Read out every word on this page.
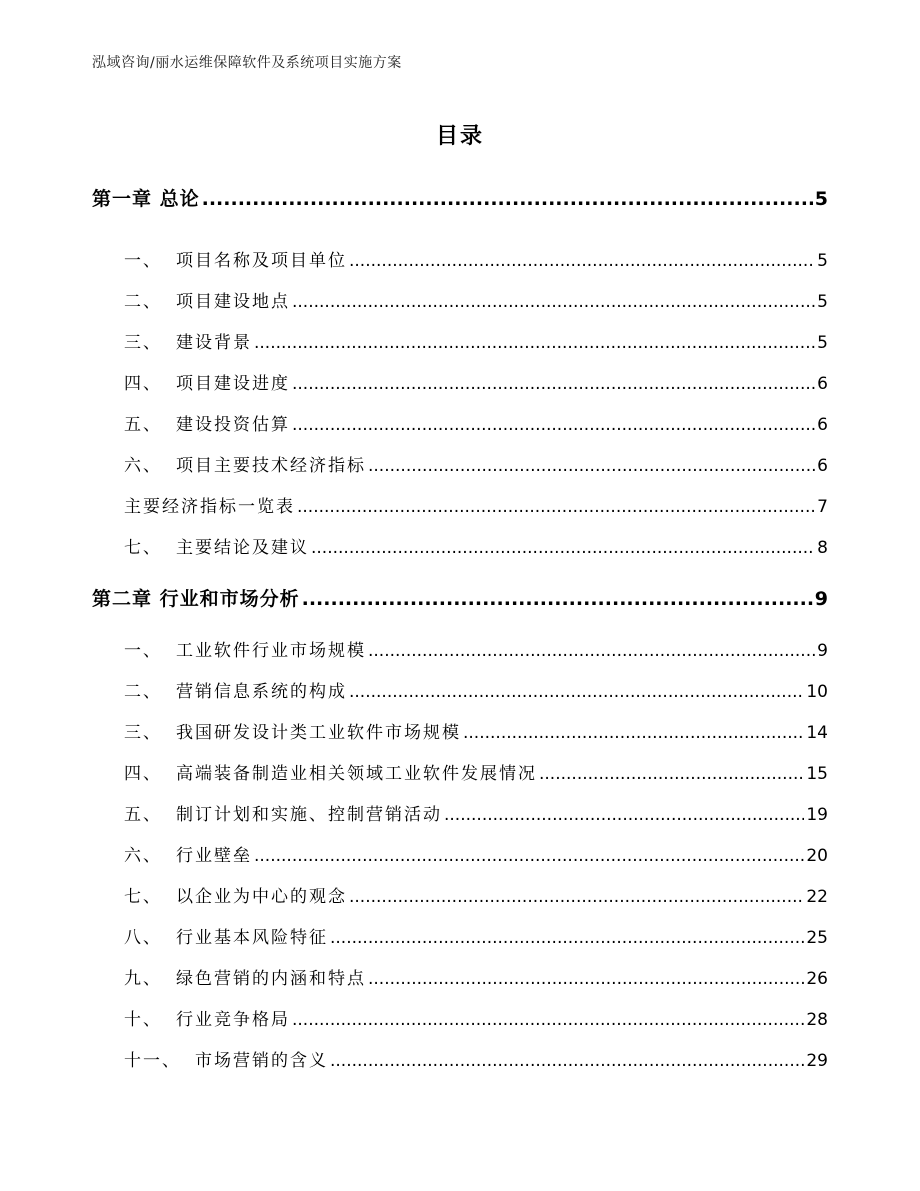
泓域咨询/丽水运维保障软件及系统项目实施方案
目录
第一章 总论 .....	5
一、 项目名称及项目单位 .....	5
二、 项目建设地点 .....	5
三、 建设背景 .....	5
四、 项目建设进度 .....	6
五、 建设投资估算 .....	6
六、 项目主要技术经济指标 .....	6
主要经济指标一览表 .....	7
七、 主要结论及建议 .....	8
第二章 行业和市场分析 .....	9
一、 工业软件行业市场规模 .....	9
二、 营销信息系统的构成 .....	10
三、 我国研发设计类工业软件市场规模 .....	14
四、 高端装备制造业相关领域工业软件发展情况 .....	15
五、 制订计划和实施、控制营销活动 .....	19
六、 行业壁垒 .....	20
七、 以企业为中心的观念 .....	22
八、 行业基本风险特征 .....	25
九、 绿色营销的内涵和特点 .....	26
十、 行业竞争格局 .....	28
十一、 市场营销的含义 .....	29
